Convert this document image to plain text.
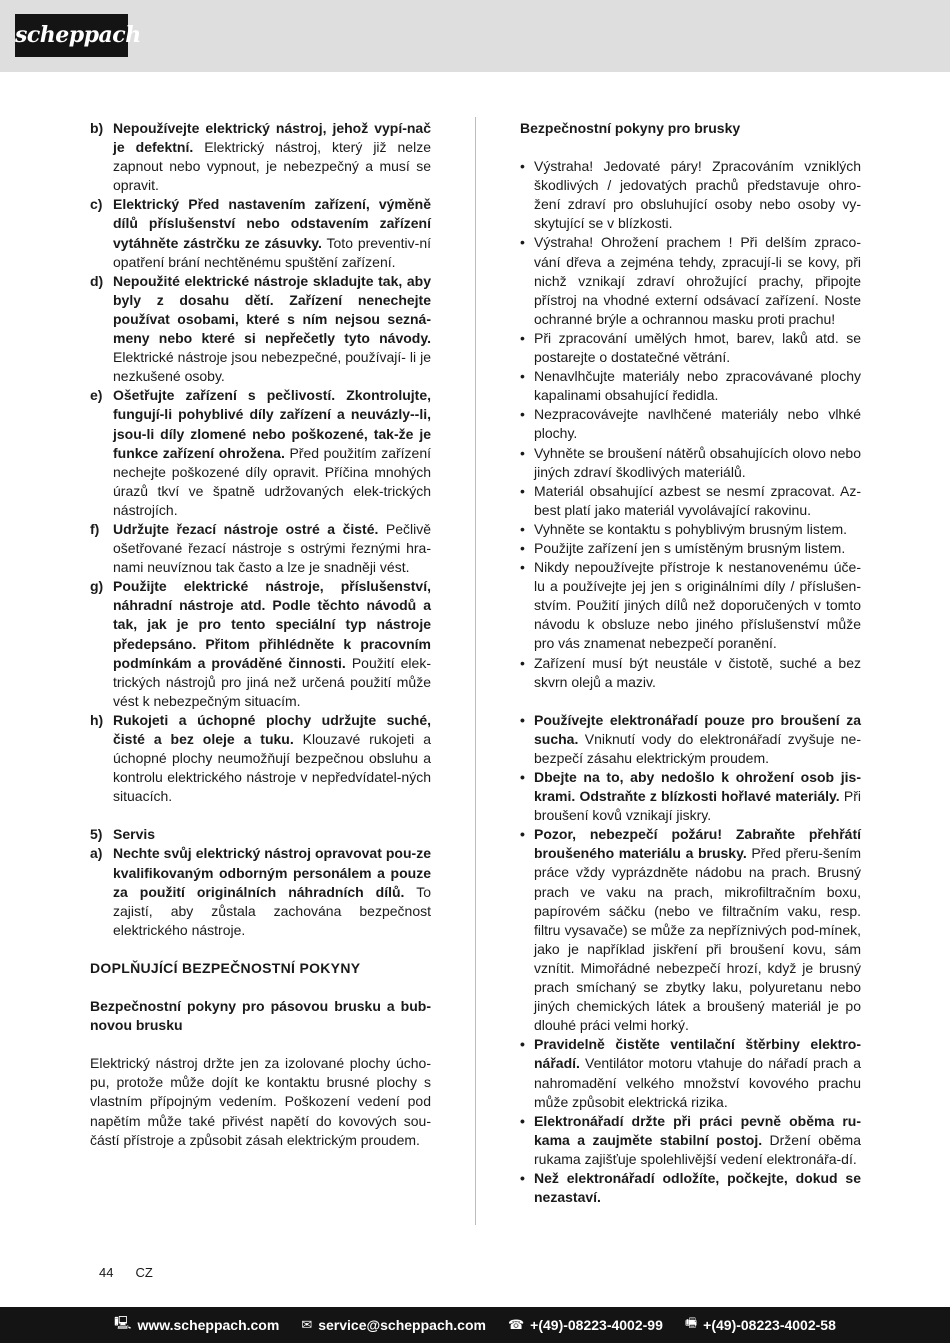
scheppach
b) Nepoužívejte elektrický nástroj, jehož vypí-nač je defektní. Elektrický nástroj, který již nelze zapnout nebo vypnout, je nebezpečný a musí se opravit.
c) Elektrický Před nastavením zařízení, výměně dílů příslušenství nebo odstavením zařízení vytáhněte zástrčku ze zásuvky. Toto preventiv-ní opatření brání nechtěnému spuštění zařízení.
d) Nepoužité elektrické nástroje skladujte tak, aby byly z dosahu dětí. Zařízení nenechejte používat osobami, které s ním nejsou sezná-meny nebo které si nepřečetly tyto návody. Elektrické nástroje jsou nebezpečné, používají- li je nezkušené osoby.
e) Ošetřujte zařízení s pečlivostí. Zkontrolujte, fungují-li pohyblivé díly zařízení a neuvázly--li, jsou-li díly zlomené nebo poškozené, tak-že je funkce zařízení ohrožena. Před použitím zařízení nechejte poškozené díly opravit. Příčina mnohých úrazů tkví ve špatně udržovaných elek-trických nástrojích.
f) Udržujte řezací nástroje ostré a čisté. Pečlivě ošetřované řezací nástroje s ostrými řeznými hra-nami neuvíznou tak často a lze je snadněji vést.
g) Použijte elektrické nástroje, příslušenství, náhradní nástroje atd. Podle těchto návodů a tak, jak je pro tento speciální typ nástroje předepsáno. Přitom přihlédněte k pracovním podmínkám a prováděné činnosti. Použití elek-trických nástrojů pro jiná než určená použití může vést k nebezpečným situacím.
h) Rukojeti a úchopné plochy udržujte suché, čisté a bez oleje a tuku. Klouzavé rukojeti a úchopné plochy neumožňují bezpečnou obsluhu a kontrolu elektrického nástroje v nepředvídatel-ných situacích.
5) Servis
a) Nechte svůj elektrický nástroj opravovat pou-ze kvalifikovaným odborným personálem a pouze za použití originálních náhradních dílů. To zajistí, aby zůstala zachována bezpečnost elektrického nástroje.

DOPLŇUJÍCÍ BEZPEČNOSTNÍ POKYNY

Bezpečnostní pokyny pro pásovou brusku a bub-novou brusku

Elektrický nástroj držte jen za izolované plochy úcho-pu, protože může dojít ke kontaktu brusné plochy s vlastním přípojným vedením. Poškození vedení pod napětím může také přivést napětí do kovových sou-částí přístroje a způsobit zásah elektrickým proudem.

Bezpečnostní pokyny pro brusky

• Výstraha! Jedovaté páry! Zpracováním vzniklých škodlivých / jedovatých prachů představuje ohro-žení zdraví pro obsluhující osoby nebo osoby vy-skytující se v blízkosti.
• Výstraha! Ohrožení prachem ! Při delším zpraco-vání dřeva a zejména tehdy, zpracují-li se kovy, při nichž vznikají zdraví ohrožující prachy, připojte přístroj na vhodné externí odsávací zařízení. Noste ochranné brýle a ochrannou masku proti prachu!
• Při zpracování umělých hmot, barev, laků atd. se postarejte o dostatečné větrání.
• Nenavlhčujte materiály nebo zpracovávané plochy kapalinami obsahující ředidla.
• Nezpracovávejte navlhčené materiály nebo vlhké plochy.
• Vyhněte se broušení nátěrů obsahujících olovo nebo jiných zdraví škodlivých materiálů.
• Materiál obsahující azbest se nesmí zpracovat. Az-best platí jako materiál vyvolávající rakovinu.
• Vyhněte se kontaktu s pohyblivým brusným listem.
• Použijte zařízení jen s umístěným brusným listem.
• Nikdy nepoužívejte přístroje k nestanovenému úče-lu a používejte jej jen s originálními díly / příslušen-stvím. Použití jiných dílů než doporučených v tomto návodu k obsluze nebo jiného příslušenství může pro vás znamenat nebezpečí poranění.
• Zařízení musí být neustále v čistotě, suché a bez skvrn olejů a maziv.
• Používejte elektronářadí pouze pro broušení za sucha. Vniknutí vody do elektronářadí zvyšuje ne-bezpečí zásahu elektrickým proudem.
• Dbejte na to, aby nedošlo k ohrožení osob jis-krami. Odstraňte z blízkosti hořlavé materiály. Při broušení kovů vznikají jiskry.
• Pozor, nebezpečí požáru! Zabraňte přehřátí broušeného materiálu a brusky. Před přeru-šením práce vždy vyprázdněte nádobu na prach. Brusný prach ve vaku na prach, mikrofiltračním boxu, papírovém sáčku (nebo ve filtračním vaku, resp. filtru vysavače) se může za nepříznivých pod-mínek, jako je například jiskření při broušení kovu, sám vznítit. Mimořádné nebezpečí hrozí, když je brusný prach smíchaný se zbytky laku, polyuretanu nebo jiných chemických látek a broušený materiál je po dlouhé práci velmi horký.
• Pravidelně čistěte ventilační štěrbiny elektro-nářadí. Ventilátor motoru vtahuje do nářadí prach a nahromadění velkého množství kovového prachu může způsobit elektrická rizika.
• Elektronářadí držte při práci pevně oběma ru-kama a zaujměte stabilní postoj. Držení oběma rukama zajišťuje spolehlivější vedení elektronářa-dí.
• Než elektronářadí odložíte, počkejte, dokud se nezastaví.
44 CZ
🖳 www.scheppach.com ✉ service@scheppach.com ☎ +(49)-08223-4002-99 🖷 +(49)-08223-4002-58
